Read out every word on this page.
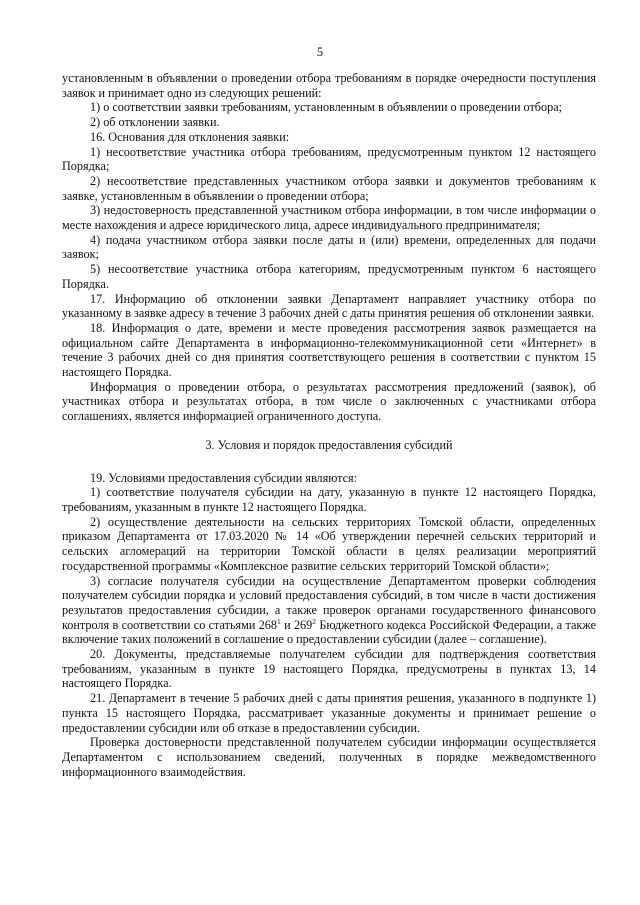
5

установленным в объявлении о проведении отбора требованиям в порядке очередности поступления заявок и принимает одно из следующих решений:

1) о соответствии заявки требованиям, установленным в объявлении о проведении отбора;

2) об отклонении заявки.

16. Основания для отклонения заявки:

1) несоответствие участника отбора требованиям, предусмотренным пунктом 12 настоящего Порядка;

2) несоответствие представленных участником отбора заявки и документов требованиям к заявке, установленным в объявлении о проведении отбора;

3) недостоверность представленной участником отбора информации, в том числе информации о месте нахождения и адресе юридического лица, адресе индивидуального предпринимателя;

4) подача участником отбора заявки после даты и (или) времени, определенных для подачи заявок;

5) несоответствие участника отбора категориям, предусмотренным пунктом 6 настоящего Порядка.

17. Информацию об отклонении заявки Департамент направляет участнику отбора по указанному в заявке адресу в течение 3 рабочих дней с даты принятия решения об отклонении заявки.

18. Информация о дате, времени и месте проведения рассмотрения заявок размещается на официальном сайте Департамента в информационно-телекоммуникационной сети «Интернет» в течение 3 рабочих дней со дня принятия соответствующего решения в соответствии с пунктом 15 настоящего Порядка.

Информация о проведении отбора, о результатах рассмотрения предложений (заявок), об участниках отбора и результатах отбора, в том числе о заключенных с участниками отбора соглашениях, является информацией ограниченного доступа.

3. Условия и порядок предоставления субсидий

19. Условиями предоставления субсидии являются:

1) соответствие получателя субсидии на дату, указанную в пункте 12 настоящего Порядка, требованиям, указанным в пункте 12 настоящего Порядка.

2) осуществление деятельности на сельских территориях Томской области, определенных приказом Департамента от 17.03.2020 № 14 «Об утверждении перечней сельских территорий и сельских агломераций на территории Томской области в целях реализации мероприятий государственной программы «Комплексное развитие сельских территорий Томской области»;

3) согласие получателя субсидии на осуществление Департаментом проверки соблюдения получателем субсидии порядка и условий предоставления субсидий, в том числе в части достижения результатов предоставления субсидии, а также проверок органами государственного финансового контроля в соответствии со статьями $268^1$ и $269^2$ Бюджетного кодекса Российской Федерации, а также включение таких положений в соглашение о предоставлении субсидии (далее – соглашение).

20. Документы, представляемые получателем субсидии для подтверждения соответствия требованиям, указанным в пункте 19 настоящего Порядка, предусмотрены в пунктах 13, 14 настоящего Порядка.

21. Департамент в течение 5 рабочих дней с даты принятия решения, указанного в подпункте 1) пункта 15 настоящего Порядка, рассматривает указанные документы и принимает решение о предоставлении субсидии или об отказе в предоставлении субсидии.

Проверка достоверности представленной получателем субсидии информации осуществляется Департаментом с использованием сведений, полученных в порядке межведомственного информационного взаимодействия.
